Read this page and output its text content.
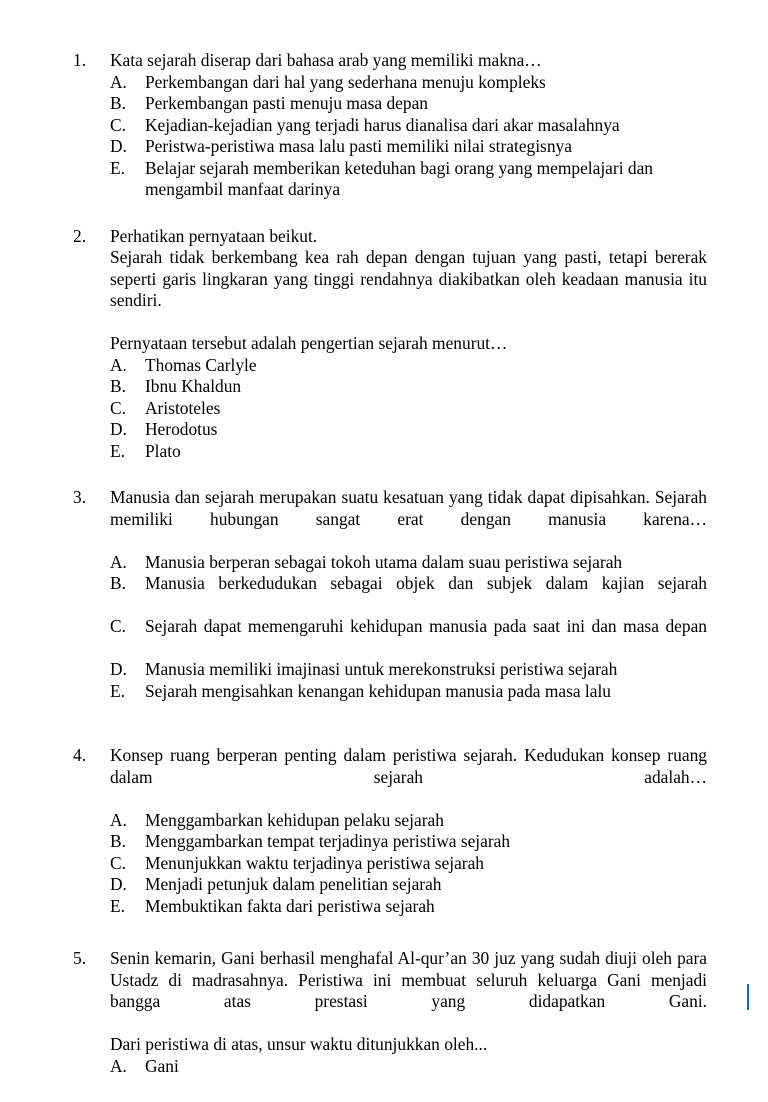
1.	Kata sejarah diserap dari bahasa arab yang memiliki makna…
A.	Perkembangan dari hal yang sederhana menuju kompleks
B.	Perkembangan pasti menuju masa depan
C.	Kejadian-kejadian yang terjadi harus dianalisa dari akar masalahnya
D.	Peristwa-peristiwa masa lalu pasti memiliki nilai strategisnya
E.	Belajar sejarah memberikan keteduhan bagi orang yang mempelajari dan mengambil manfaat darinya
2.	Perhatikan pernyataan beikut.
Sejarah tidak berkembang kea rah depan dengan tujuan yang pasti, tetapi bererak seperti garis lingkaran yang tinggi rendahnya diakibatkan oleh keadaan manusia itu sendiri.
Pernyataan tersebut adalah pengertian sejarah menurut…
A.	Thomas Carlyle
B.	Ibnu Khaldun
C.	Aristoteles
D.	Herodotus
E.	Plato
3.	Manusia dan sejarah merupakan suatu kesatuan yang tidak dapat dipisahkan. Sejarah memiliki hubungan sangat erat dengan manusia karena…
A.	Manusia berperan sebagai tokoh utama dalam suau peristiwa sejarah
B.	Manusia berkedudukan sebagai objek dan subjek dalam kajian sejarah
C.	Sejarah dapat memengaruhi kehidupan manusia pada saat ini dan masa depan
D.	Manusia memiliki imajinasi untuk merekonstruksi peristiwa sejarah
E.	Sejarah mengisahkan kenangan kehidupan manusia pada masa lalu
4.	Konsep ruang berperan penting dalam peristiwa sejarah. Kedudukan konsep ruang dalam sejarah adalah…
A.	Menggambarkan kehidupan pelaku sejarah
B.	Menggambarkan tempat terjadinya peristiwa sejarah
C.	Menunjukkan waktu terjadinya peristiwa sejarah
D.	Menjadi petunjuk dalam penelitian sejarah
E.	Membuktikan fakta dari peristiwa sejarah
5.	Senin kemarin, Gani berhasil menghafal Al-qur’an 30 juz yang sudah diuji oleh para Ustadz di madrasahnya. Peristiwa ini membuat seluruh keluarga Gani menjadi bangga atas prestasi yang didapatkan Gani.
Dari peristiwa di atas, unsur waktu ditunjukkan oleh...
A.	Gani
